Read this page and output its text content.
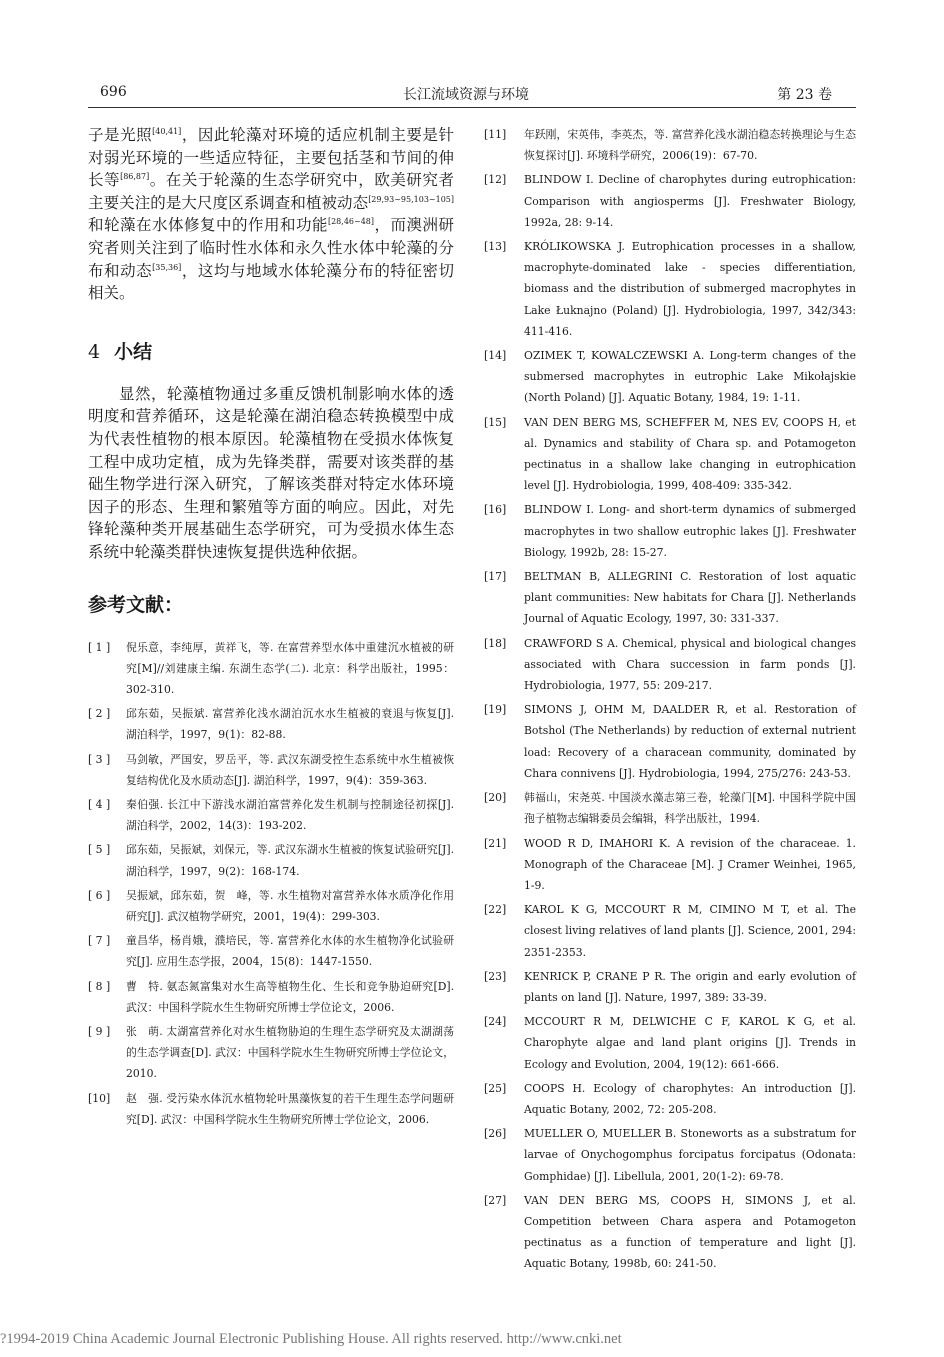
696	长江流域资源与环境	第 23 卷

子是光照[40,41]，因此轮藻对环境的适应机制主要是针对弱光环境的一些适应特征，主要包括茎和节间的伸长等[86,87]。在关于轮藻的生态学研究中，欧美研究者主要关注的是大尺度区系调查和植被动态[29,93~95,103~105]和轮藻在水体修复中的作用和功能[28,46~48]，而澳洲研究者则关注到了临时性水体和永久性水体中轮藻的分布和动态[35,36]，这均与地域水体轮藻分布的特征密切相关。

4 小结

显然，轮藻植物通过多重反馈机制影响水体的透明度和营养循环，这是轮藻在湖泊稳态转换模型中成为代表性植物的根本原因。轮藻植物在受损水体恢复工程中成功定植，成为先锋类群，需要对该类群的基础生物学进行深入研究，了解该类群对特定水体环境因子的形态、生理和繁殖等方面的响应。因此，对先锋轮藻种类开展基础生态学研究，可为受损水体生态系统中轮藻类群快速恢复提供选种依据。

参考文献：
[ 1 ] 倪乐意，李纯厚，黄祥飞，等. 在富营养型水体中重建沉水植被的研究[M]//刘建康主编. 东湖生态学(二). 北京：科学出版社，1995：302-310.
[ 2 ] 邱东茹，吴振斌. 富营养化浅水湖泊沉水水生植被的衰退与恢复[J]. 湖泊科学，1997，9(1)：82-88.
[ 3 ] 马剑敏，严国安，罗岳平，等. 武汉东湖受控生态系统中水生植被恢复结构优化及水质动态[J]. 湖泊科学，1997，9(4)：359-363.
[ 4 ] 秦伯强. 长江中下游浅水湖泊富营养化发生机制与控制途径初探[J]. 湖泊科学，2002，14(3)：193-202.
[ 5 ] 邱东茹，吴振斌，刘保元，等. 武汉东湖水生植被的恢复试验研究[J]. 湖泊科学，1997，9(2)：168-174.
[ 6 ] 吴振斌，邱东茹，贺　峰，等. 水生植物对富营养水体水质净化作用研究[J]. 武汉植物学研究，2001，19(4)：299-303.
[ 7 ] 童昌华，杨肖娥，濮培民，等. 富营养化水体的水生植物净化试验研究[J]. 应用生态学报，2004，15(8)：1447-1550.
[ 8 ] 曹　特. 氨态氮富集对水生高等植物生化、生长和竞争胁迫研究[D]. 武汉：中国科学院水生生物研究所博士学位论文，2006.
[ 9 ] 张　萌. 太湖富营养化对水生植物胁迫的生理生态学研究及太湖湖荡的生态学调查[D]. 武汉：中国科学院水生生物研究所博士学位论文，2010.
[10] 赵　强. 受污染水体沉水植物轮叶黑藻恢复的若干生理生态学问题研究[D]. 武汉：中国科学院水生生物研究所博士学位论文，2006.
[11] 年跃刚，宋英伟，李英杰，等. 富营养化浅水湖泊稳态转换理论与生态恢复探讨[J]. 环境科学研究，2006(19)：67-70.
[12] BLINDOW I. Decline of charophytes during eutrophication: Comparison with angiosperms [J]. Freshwater Biology, 1992a, 28: 9-14.
[13] KRÓLIKOWSKA J. Eutrophication processes in a shallow, macrophyte-dominated lake - species differentiation, biomass and the distribution of submerged macrophytes in Lake Łuknajno (Poland) [J]. Hydrobiologia, 1997, 342/343: 411-416.
[14] OZIMEK T, KOWALCZEWSKI A. Long-term changes of the submersed macrophytes in eutrophic Lake Mikołajskie (North Poland) [J]. Aquatic Botany, 1984, 19: 1-11.
[15] VAN DEN BERG MS, SCHEFFER M, NES EV, COOPS H, et al. Dynamics and stability of Chara sp. and Potamogeton pectinatus in a shallow lake changing in eutrophication level [J]. Hydrobiologia, 1999, 408-409: 335-342.
[16] BLINDOW I. Long- and short-term dynamics of submerged macrophytes in two shallow eutrophic lakes [J]. Freshwater Biology, 1992b, 28: 15-27.
[17] BELTMAN B, ALLEGRINI C. Restoration of lost aquatic plant communities: New habitats for Chara [J]. Netherlands Journal of Aquatic Ecology, 1997, 30: 331-337.
[18] CRAWFORD S A. Chemical, physical and biological changes associated with Chara succession in farm ponds [J]. Hydrobiologia, 1977, 55: 209-217.
[19] SIMONS J, OHM M, DAALDER R, et al. Restoration of Botshol (The Netherlands) by reduction of external nutrient load: Recovery of a characean community, dominated by Chara connivens [J]. Hydrobiologia, 1994, 275/276: 243-53.
[20] 韩福山，宋尧英. 中国淡水藻志第三卷，轮藻门[M]. 中国科学院中国孢子植物志编辑委员会编辑，科学出版社，1994.
[21] WOOD R D, IMAHORI K. A revision of the characeae. 1. Monograph of the Characeae [M]. J Cramer Weinhei, 1965, 1-9.
[22] KAROL K G, MCCOURT R M, CIMINO M T, et al. The closest living relatives of land plants [J]. Science, 2001, 294: 2351-2353.
[23] KENRICK P, CRANE P R. The origin and early evolution of plants on land [J]. Nature, 1997, 389: 33-39.
[24] MCCOURT R M, DELWICHE C F, KAROL K G, et al. Charophyte algae and land plant origins [J]. Trends in Ecology and Evolution, 2004, 19(12): 661-666.
[25] COOPS H. Ecology of charophytes: An introduction [J]. Aquatic Botany, 2002, 72: 205-208.
[26] MUELLER O, MUELLER B. Stoneworts as a substratum for larvae of Onychogomphus forcipatus forcipatus (Odonata: Gomphidae) [J]. Libellula, 2001, 20(1-2): 69-78.
[27] VAN DEN BERG MS, COOPS H, SIMONS J, et al. Competition between Chara aspera and Potamogeton pectinatus as a function of temperature and light [J]. Aquatic Botany, 1998b, 60: 241-50.
?1994-2019 China Academic Journal Electronic Publishing House. All rights reserved. http://www.cnki.net
